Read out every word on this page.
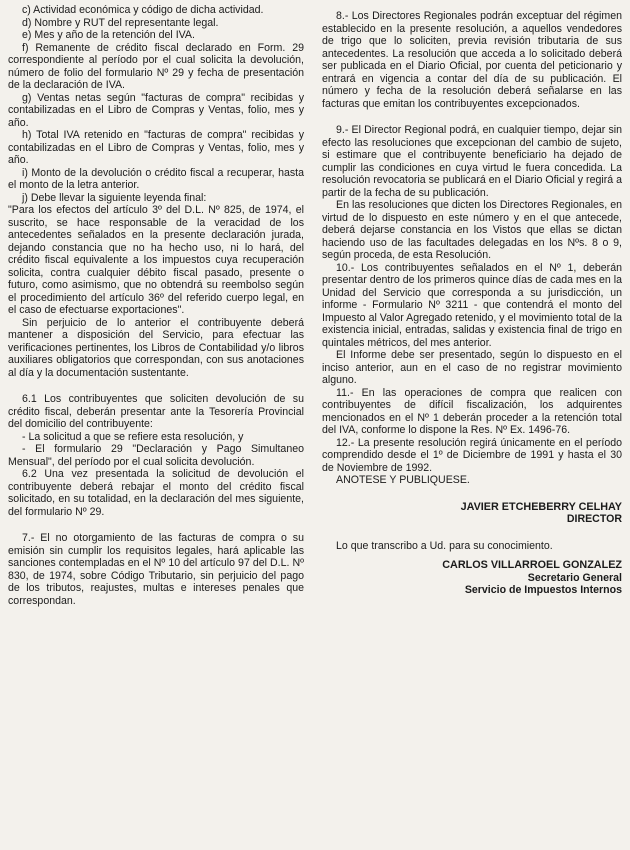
c) Actividad económica y código de dicha actividad.

d) Nombre y RUT del representante legal.

e) Mes y año de la retención del IVA.

f) Remanente de crédito fiscal declarado en Form. 29 correspondiente al período por el cual solicita la devolución, número de folio del formulario Nº 29 y fecha de presentación de la declaración de IVA.

g) Ventas netas según "facturas de compra" recibidas y contabilizadas en el Libro de Compras y Ventas, folio, mes y año.

h) Total IVA retenido en "facturas de compra" recibidas y contabilizadas en el Libro de Compras y Ventas, folio, mes y año.

i) Monto de la devolución o crédito fiscal a recuperar, hasta el monto de la letra anterior.

j) Debe llevar la siguiente leyenda final:

"Para los efectos del artículo 3º del D.L. Nº 825, de 1974, el suscrito, se hace responsable de la veracidad de los antecedentes señalados en la presente declaración jurada, dejando constancia que no ha hecho uso, ni lo hará, del crédito fiscal equivalente a los impuestos cuya recuperación solicita, contra cualquier débito fiscal pasado, presente o futuro, como asimismo, que no obtendrá su reembolso según el procedimiento del artículo 36º del referido cuerpo legal, en el caso de efectuarse exportaciones".

Sin perjuicio de lo anterior el contribuyente deberá mantener a disposición del Servicio, para efectuar las verificaciones pertinentes, los Libros de Contabilidad y/o libros auxiliares obligatorios que correspondan, con sus anotaciones al día y la documentación sustentante.

6.1 Los contribuyentes que soliciten devolución de su crédito fiscal, deberán presentar ante la Tesorería Provincial del domicilio del contribuyente:

- La solicitud a que se refiere esta resolución, y

- El formulario 29 "Declaración y Pago Simultaneo Mensual", del período por el cual solicita devolución.

6.2 Una vez presentada la solicitud de devolución el contribuyente deberá rebajar el monto del crédito fiscal solicitado, en su totalidad, en la declaración del mes siguiente, del formulario Nº 29.

7.- El no otorgamiento de las facturas de compra o su emisión sin cumplir los requisitos legales, hará aplicable las sanciones contempladas en el Nº 10 del artículo 97 del D.L. Nº 830, de 1974, sobre Código Tributario, sin perjuicio del pago de los tributos, reajustes, multas e intereses penales que correspondan.

8.- Los Directores Regionales podrán exceptuar del régimen establecido en la presente resolución, a aquellos vendedores de trigo que lo soliciten, previa revisión tributaria de sus antecedentes. La resolución que acceda a lo solicitado deberá ser publicada en el Diario Oficial, por cuenta del peticionario y entrará en vigencia a contar del día de su publicación. El número y fecha de la resolución deberá señalarse en las facturas que emitan los contribuyentes excepcionados.

9.- El Director Regional podrá, en cualquier tiempo, dejar sin efecto las resoluciones que excepcionan del cambio de sujeto, si estimare que el contribuyente beneficiario ha dejado de cumplir las condiciones en cuya virtud le fuera concedida. La resolución revocatoria se publicará en el Diario Oficial y regirá a partir de la fecha de su publicación.

En las resoluciones que dicten los Directores Regionales, en virtud de lo dispuesto en este número y en el que antecede, deberá dejarse constancia en los Vistos que ellas se dictan haciendo uso de las facultades delegadas en los Nºs. 8 o 9, según proceda, de esta Resolución.

10.- Los contribuyentes señalados en el Nº 1, deberán presentar dentro de los primeros quince días de cada mes en la Unidad del Servicio que corresponda a su jurisdicción, un informe - Formulario Nº 3211 - que contendrá el monto del Impuesto al Valor Agregado retenido, y el movimiento total de la existencia inicial, entradas, salidas y existencia final de trigo en quintales métricos, del mes anterior.

El Informe debe ser presentado, según lo dispuesto en el inciso anterior, aun en el caso de no registrar movimiento alguno.

11.- En las operaciones de compra que realicen con contribuyentes de difícil fiscalización, los adquirentes mencionados en el Nº 1 deberán proceder a la retención total del IVA, conforme lo dispone la Res. Nº Ex. 1496-76.

12.- La presente resolución regirá únicamente en el período comprendido desde el 1º de Diciembre de 1991 y hasta el 30 de Noviembre de 1992.

ANOTESE Y PUBLIQUESE.

JAVIER ETCHEBERRY CELHAY
DIRECTOR

Lo que transcribo a Ud. para su conocimiento.

CARLOS VILLARROEL GONZALEZ
Secretario General
Servicio de Impuestos Internos
